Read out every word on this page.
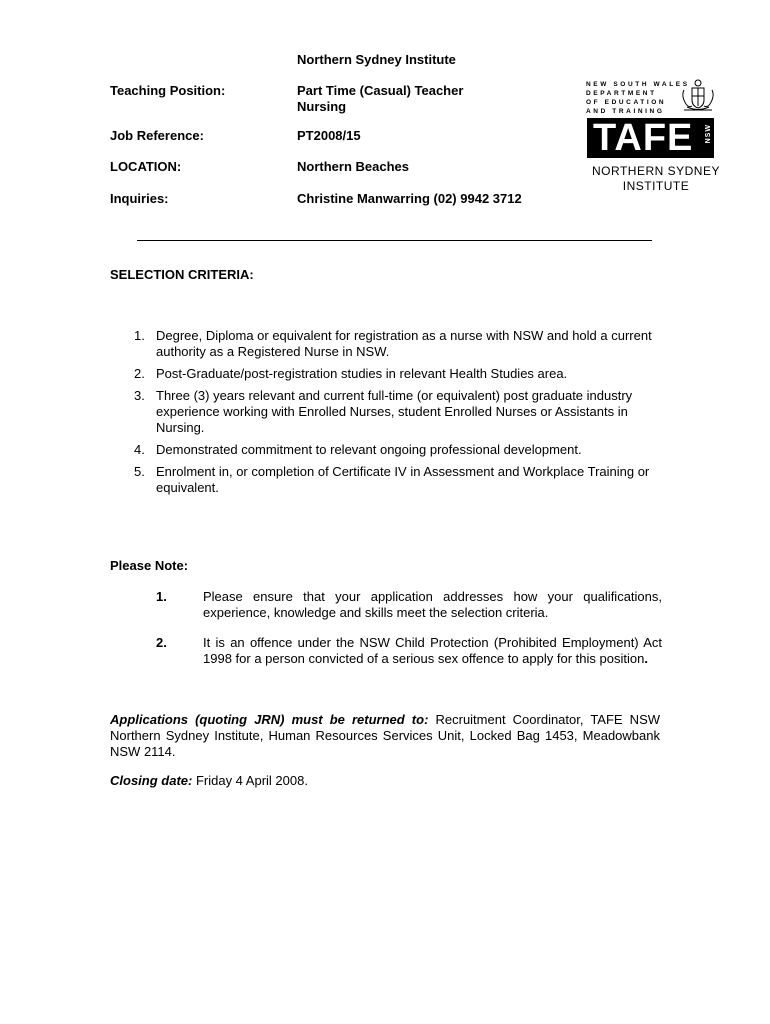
Northern Sydney Institute
Teaching Position:	Part Time (Casual) Teacher
Nursing
Job Reference:	PT2008/15
LOCATION:	Northern Beaches
Inquiries:	Christine Manwarring (02) 9942 3712
NEW SOUTH WALES
DEPARTMENT
OF EDUCATION
AND TRAINING
TAFE NSW
NORTHERN SYDNEY
INSTITUTE
SELECTION CRITERIA:
1. Degree, Diploma or equivalent for registration as a nurse with NSW and hold a current authority as a Registered Nurse in NSW.
2. Post-Graduate/post-registration studies in relevant Health Studies area.
3. Three (3) years relevant and current full-time (or equivalent) post graduate industry experience working with Enrolled Nurses, student Enrolled Nurses or Assistants in Nursing.
4. Demonstrated commitment to relevant ongoing professional development.
5. Enrolment in, or completion of Certificate IV in Assessment and Workplace Training or equivalent.
Please Note:
1.	Please ensure that your application addresses how your qualifications, experience, knowledge and skills meet the selection criteria.
2.	It is an offence under the NSW Child Protection (Prohibited Employment) Act 1998 for a person convicted of a serious sex offence to apply for this position.
Applications (quoting JRN) must be returned to: Recruitment Coordinator, TAFE NSW Northern Sydney Institute, Human Resources Services Unit, Locked Bag 1453, Meadowbank NSW 2114.
Closing date: Friday 4 April 2008.
